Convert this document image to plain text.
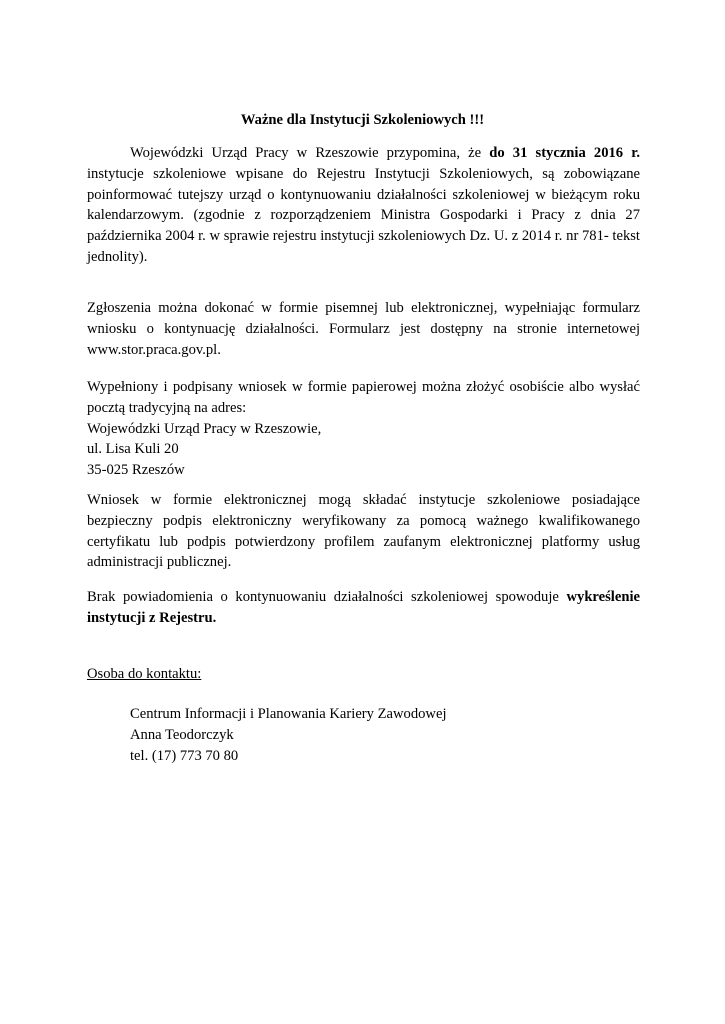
Ważne dla Instytucji Szkoleniowych !!!

Wojewódzki Urząd Pracy w Rzeszowie przypomina, że do 31 stycznia 2016 r. instytucje szkoleniowe wpisane do Rejestru Instytucji Szkoleniowych, są zobowiązane poinformować tutejszy urząd o kontynuowaniu działalności szkoleniowej w bieżącym roku kalendarzowym. (zgodnie z rozporządzeniem Ministra Gospodarki i Pracy z dnia 27 października 2004 r. w sprawie rejestru instytucji szkoleniowych Dz. U. z 2014 r. nr 781- tekst jednolity).

Zgłoszenia można dokonać w formie pisemnej lub elektronicznej, wypełniając formularz wniosku o kontynuację działalności. Formularz jest dostępny na stronie internetowej www.stor.praca.gov.pl.

Wypełniony i podpisany wniosek w formie papierowej można złożyć osobiście albo wysłać pocztą tradycyjną na adres:

Wojewódzki Urząd Pracy w Rzeszowie,
ul. Lisa Kuli 20
35-025 Rzeszów

Wniosek w formie elektronicznej mogą składać instytucje szkoleniowe posiadające bezpieczny podpis elektroniczny weryfikowany za pomocą ważnego kwalifikowanego certyfikatu lub podpis potwierdzony profilem zaufanym elektronicznej platformy usług administracji publicznej.

Brak powiadomienia o kontynuowaniu działalności szkoleniowej spowoduje wykreślenie instytucji z Rejestru.

Osoba do kontaktu:

Centrum Informacji i Planowania Kariery Zawodowej
Anna Teodorczyk
tel. (17) 773 70 80
